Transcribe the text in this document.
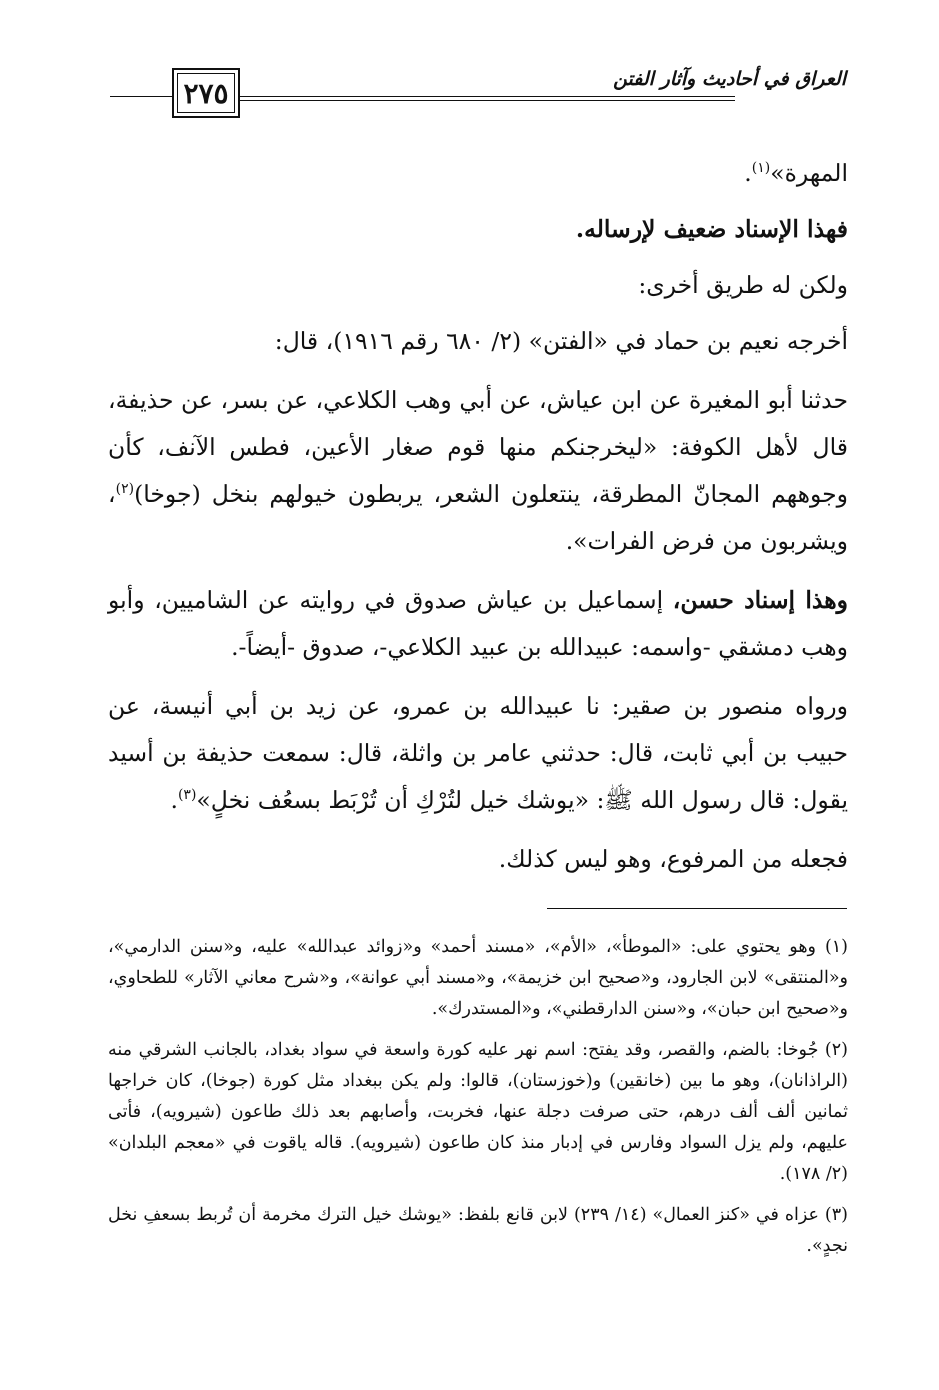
٢٧٥	العراق في أحاديث وآثار الفتن

المهرة»$^{(١)}$.

فهذا الإسناد ضعيف لإرساله.

ولكن له طريق أخرى:

أخرجه نعيم بن حماد في «الفتن» (٢/ ٦٨٠ رقم ١٩١٦)، قال:

حدثنا أبو المغيرة عن ابن عياش، عن أبي وهب الكلاعي، عن بسر، عن حذيفة، قال لأهل الكوفة: «ليخرجنكم منها قوم صغار الأعين، فطس الآنف، كأن وجوههم المجانّ المطرقة، ينتعلون الشعر، يربطون خيولهم بنخل (جوخا)$^{(٢)}$، ويشربون من فرض الفرات».

وهذا إسناد حسن، إسماعيل بن عياش صدوق في روايته عن الشاميين، وأبو وهب دمشقي -واسمه: عبيدالله بن عبيد الكلاعي-، صدوق -أيضاً-.

ورواه منصور بن صقير: نا عبيدالله بن عمرو، عن زيد بن أبي أنيسة، عن حبيب بن أبي ثابت، قال: حدثني عامر بن واثلة، قال: سمعت حذيفة بن أسيد يقول: قال رسول الله ﷺ: «يوشك خيل لتُرْكِ أن تُرْبَط بسعُف نخلٍ»$^{(٣)}$.

فجعله من المرفوع، وهو ليس كذلك.

(١) وهو يحتوي على: «الموطأ»، «الأم»، «مسند أحمد» و«زوائد عبدالله» عليه، و«سنن الدارمي»، و«المنتقى» لابن الجارود، و«صحيح ابن خزيمة»، و«مسند أبي عوانة»، و«شرح معاني الآثار» للطحاوي، و«صحيح ابن حبان»، و«سنن الدارقطني»، و«المستدرك».

(٢) جُوخا: بالضم، والقصر، وقد يفتح: اسم نهر عليه كورة واسعة في سواد بغداد، بالجانب الشرقي منه (الراذانان)، وهو ما بين (خانقين) و(خوزستان)، قالوا: ولم يكن ببغداد مثل كورة (جوخا)، كان خراجها ثمانين ألف ألف درهم، حتى صرفت دجلة عنها، فخربت، وأصابهم بعد ذلك طاعون (شيرويه)، فأتى عليهم، ولم يزل السواد وفارس في إدبار منذ كان طاعون (شيرويه). قاله ياقوت في «معجم البلدان» (٢/ ١٧٨).

(٣) عزاه في «كنز العمال» (١٤/ ٢٣٩) لابن قانع بلفظ: «يوشك خيل الترك مخرمة أن تُربط بسعفِ نخل نجدٍ».
